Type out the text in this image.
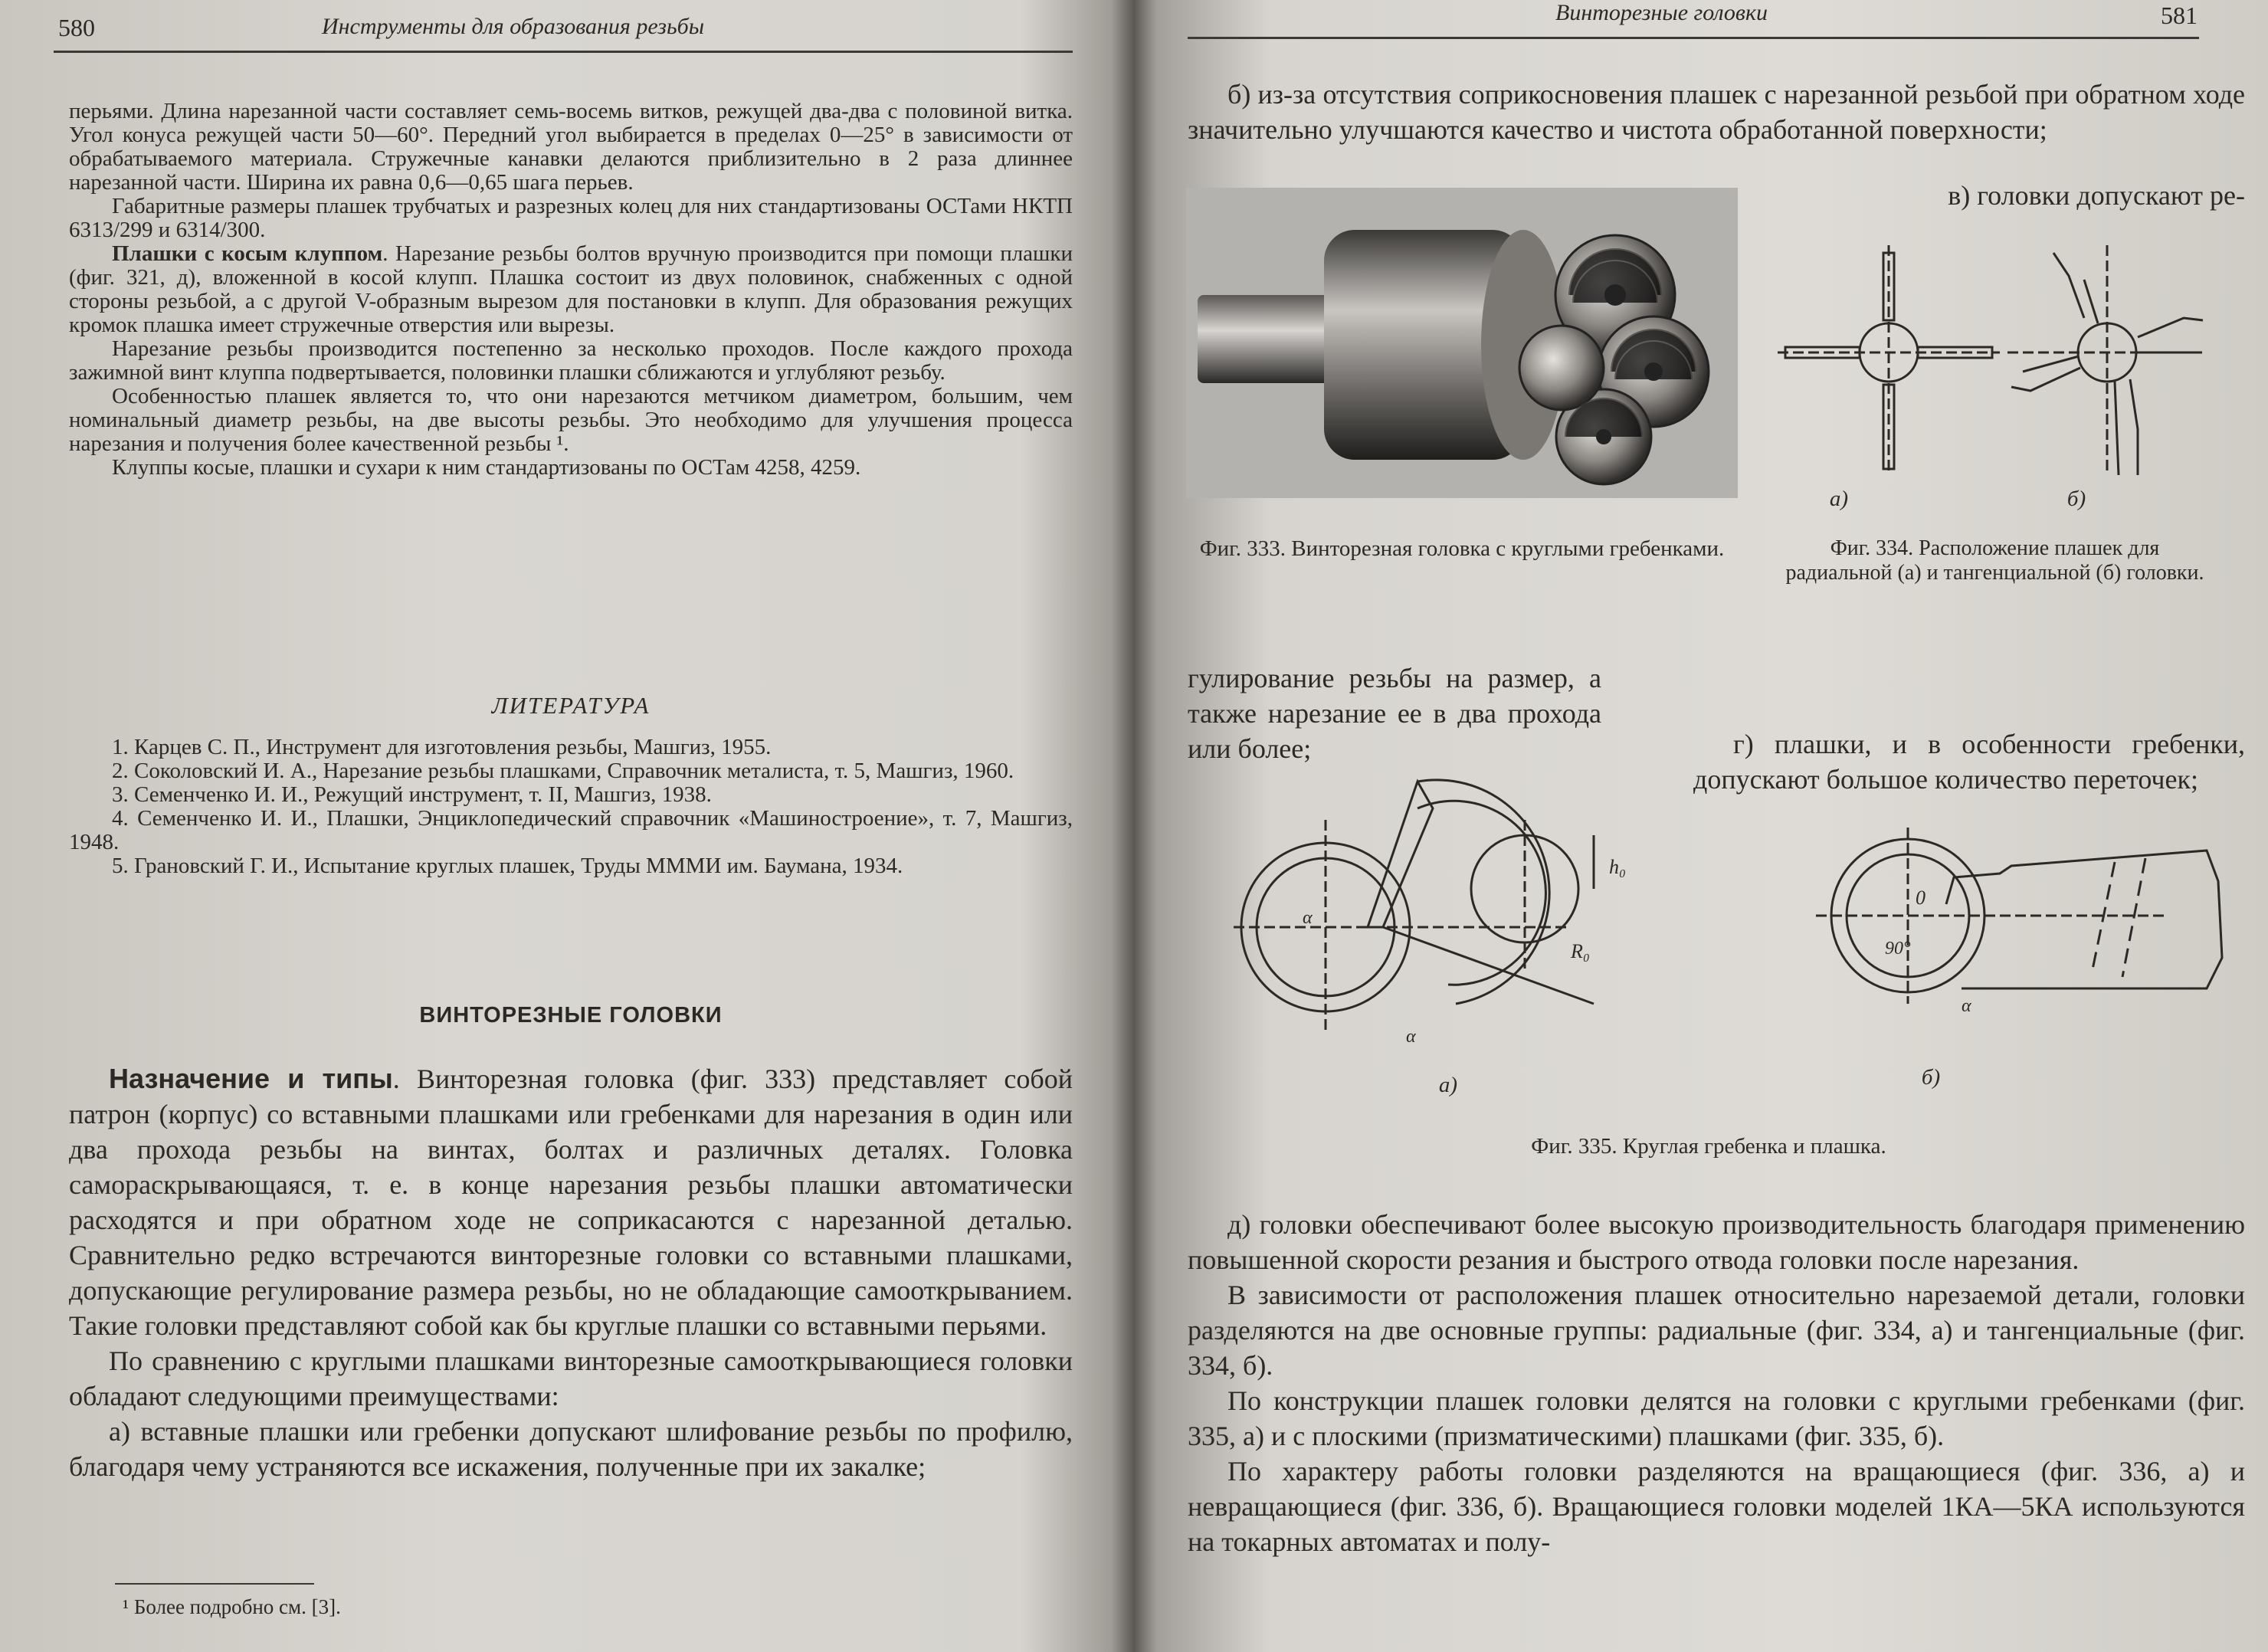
580	Инструменты для образования резьбы

перьями. Длина нарезанной части составляет семь-восемь витков, режущей два-два с половиной витка. Угол конуса режущей части 50—60°. Передний угол выбирается в пределах 0—25° в зависимости от обрабатываемого материала. Стружечные канавки делаются приблизительно в 2 раза длиннее нарезанной части. Ширина их равна 0,6—0,65 шага перьев.

Габаритные размеры плашек трубчатых и разрезных колец для них стандартизованы ОСТами НКТП 6313/299 и 6314/300.

Плашки с косым клуппом. Нарезание резьбы болтов вручную производится при помощи плашки (фиг. 321, д), вложенной в косой клупп. Плашка состоит из двух половинок, снабженных с одной стороны резьбой, а с другой V-образным вырезом для постановки в клупп. Для образования режущих кромок плашка имеет стружечные отверстия или вырезы.

Нарезание резьбы производится постепенно за несколько проходов. После каждого прохода зажимной винт клуппа подвертывается, половинки плашки сближаются и углубляют резьбу.

Особенностью плашек является то, что они нарезаются метчиком диаметром, большим, чем номинальный диаметр резьбы, на две высоты резьбы. Это необходимо для улучшения процесса нарезания и получения более качественной резьбы ¹.

Клуппы косые, плашки и сухари к ним стандартизованы по ОСТам 4258, 4259.

ЛИТЕРАТУРА

1. Карцев С. П., Инструмент для изготовления резьбы, Машгиз, 1955.

2. Соколовский И. А., Нарезание резьбы плашками, Справочник металиста, т. 5, Машгиз, 1960.

3. Семенченко И. И., Режущий инструмент, т. II, Машгиз, 1938.

4. Семенченко И. И., Плашки, Энциклопедический справочник «Машиностроение», т. 7, Машгиз, 1948.

5. Грановский Г. И., Испытание круглых плашек, Труды МММИ им. Баумана, 1934.

ВИНТОРЕЗНЫЕ ГОЛОВКИ

Назначение и типы. Винторезная головка (фиг. 333) представляет собой патрон (корпус) со вставными плашками или гребенками для нарезания в один или два прохода резьбы на винтах, болтах и различных деталях. Головка самораскрывающаяся, т. е. в конце нарезания резьбы плашки автоматически расходятся и при обратном ходе не соприкасаются с нарезанной деталью. Сравнительно редко встречаются винторезные головки со вставными плашками, допускающие регулирование размера резьбы, но не обладающие самооткрыванием. Такие головки представляют собой как бы круглые плашки со вставными перьями.

По сравнению с круглыми плашками винторезные самооткрывающиеся головки обладают следующими преимуществами:

а) вставные плашки или гребенки допускают шлифование резьбы по профилю, благодаря чему устраняются все искажения, полученные при их закалке;

¹ Более подробно см. [3].
Винторезные головки	581

б) из-за отсутствия соприкосновения плашек с нарезанной резьбой при обратном ходе значительно улучшаются качество и чистота обработанной поверхности;

в) головки допускают ре-
Фиг. 333. Винторезная головка с круглыми гребенками.
а)	б)
Фиг. 334. Расположение плашек для радиальной (а) и тангенциальной (б) головки.

гулирование резьбы на размер, а также нарезание ее в два прохода или более;	г) плашки, и в особенности гребенки, допускают большое количество переточек;

h₀
R₀
α
α
0
90°
α
а)	б)
Фиг. 335. Круглая гребенка и плашка.

д) головки обеспечивают более высокую производительность благодаря применению повышенной скорости резания и быстрого отвода головки после нарезания.

В зависимости от расположения плашек относительно нарезаемой детали, головки разделяются на две основные группы: радиальные (фиг. 334, а) и тангенциальные (фиг. 334, б).

По конструкции плашек головки делятся на головки с круглыми гребенками (фиг. 335, а) и с плоскими (призматическими) плашками (фиг. 335, б).

По характеру работы головки разделяются на вращающиеся (фиг. 336, а) и невращающиеся (фиг. 336, б). Вращающиеся головки моделей 1КА—5КА используются на токарных автоматах и полу-
